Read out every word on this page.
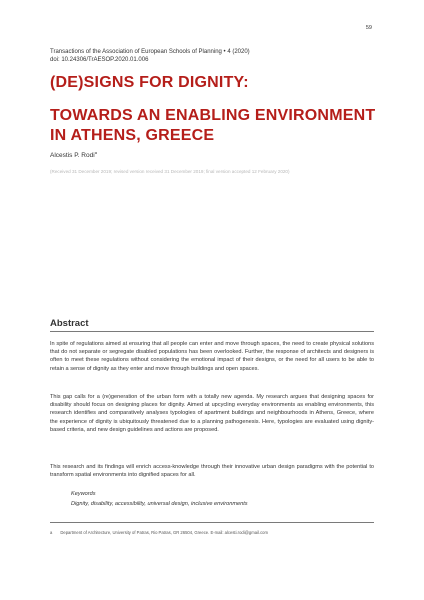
59
Transactions of the Association of European Schools of Planning • 4 (2020)
doi: 10.24306/TrAESOP.2020.01.006
(DE)SIGNS FOR DIGNITY:
TOWARDS AN ENABLING ENVIRONMENT IN ATHENS, GREECE
Alcestis P. Rodi$^a$
(Received 31 December 2019; revised version received 31 December 2019; final version accepted 12 February 2020)
Abstract
In spite of regulations aimed at ensuring that all people can enter and move through spaces, the need to create physical solutions that do not separate or segregate disabled populations has been overlooked. Further, the response of architects and designers is often to meet these regulations without considering the emotional impact of their designs, or the need for all users to be able to retain a sense of dignity as they enter and move through buildings and open spaces.
This gap calls for a (re)generation of the urban form with a totally new agenda. My research argues that designing spaces for disability should focus on designing places for dignity. Aimed at upcycling everyday environments as enabling environments, this research identifies and comparatively analyses typologies of apartment buildings and neighbourhoods in Athens, Greece, where the experience of dignity is ubiquitously threatened due to a planning pathogenesis. Here, typologies are evaluated using dignity-based criteria, and new design guidelines and actions are proposed.
This research and its findings will enrich access-knowledge through their innovative urban design paradigms with the potential to transform spatial environments into dignified spaces for all.
Keywords
Dignity, disability, accessibility, universal design, inclusive environments
a Department of Architecture, University of Patras, Rio Patras, GR 26504, Greece. E-mail: alcesti.rodi@gmail.com
